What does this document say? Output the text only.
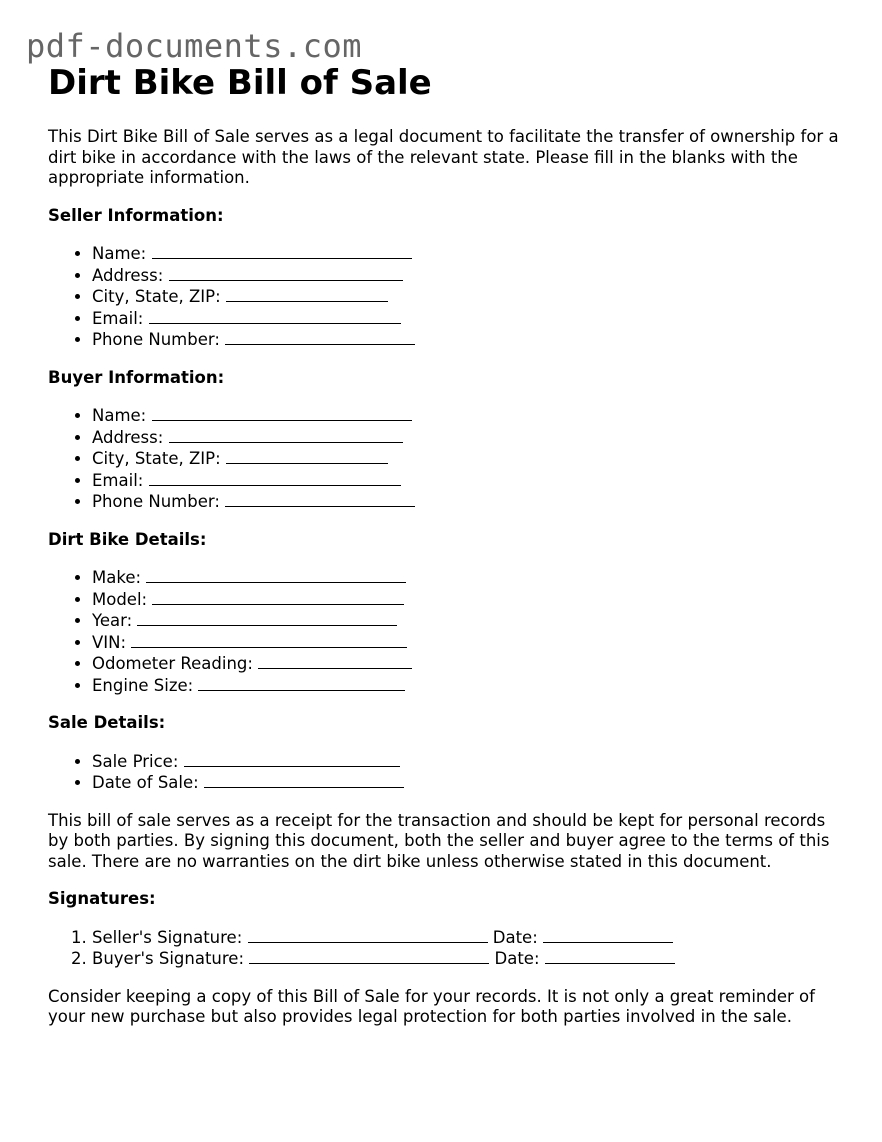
pdf-documents.com
Dirt Bike Bill of Sale

This Dirt Bike Bill of Sale serves as a legal document to facilitate the transfer of ownership for a dirt bike in accordance with the laws of the relevant state. Please fill in the blanks with the appropriate information.

Seller Information:
• Name:
• Address:
• City, State, ZIP:
• Email:
• Phone Number:
Buyer Information:
• Name:
• Address:
• City, State, ZIP:
• Email:
• Phone Number:
Dirt Bike Details:
• Make:
• Model:
• Year:
• VIN:
• Odometer Reading:
• Engine Size:
Sale Details:
• Sale Price:
• Date of Sale:

This bill of sale serves as a receipt for the transaction and should be kept for personal records by both parties. By signing this document, both the seller and buyer agree to the terms of this sale. There are no warranties on the dirt bike unless otherwise stated in this document.

Signatures:
1. Seller's Signature:	Date:
2. Buyer's Signature:	Date:

Consider keeping a copy of this Bill of Sale for your records. It is not only a great reminder of your new purchase but also provides legal protection for both parties involved in the sale.
